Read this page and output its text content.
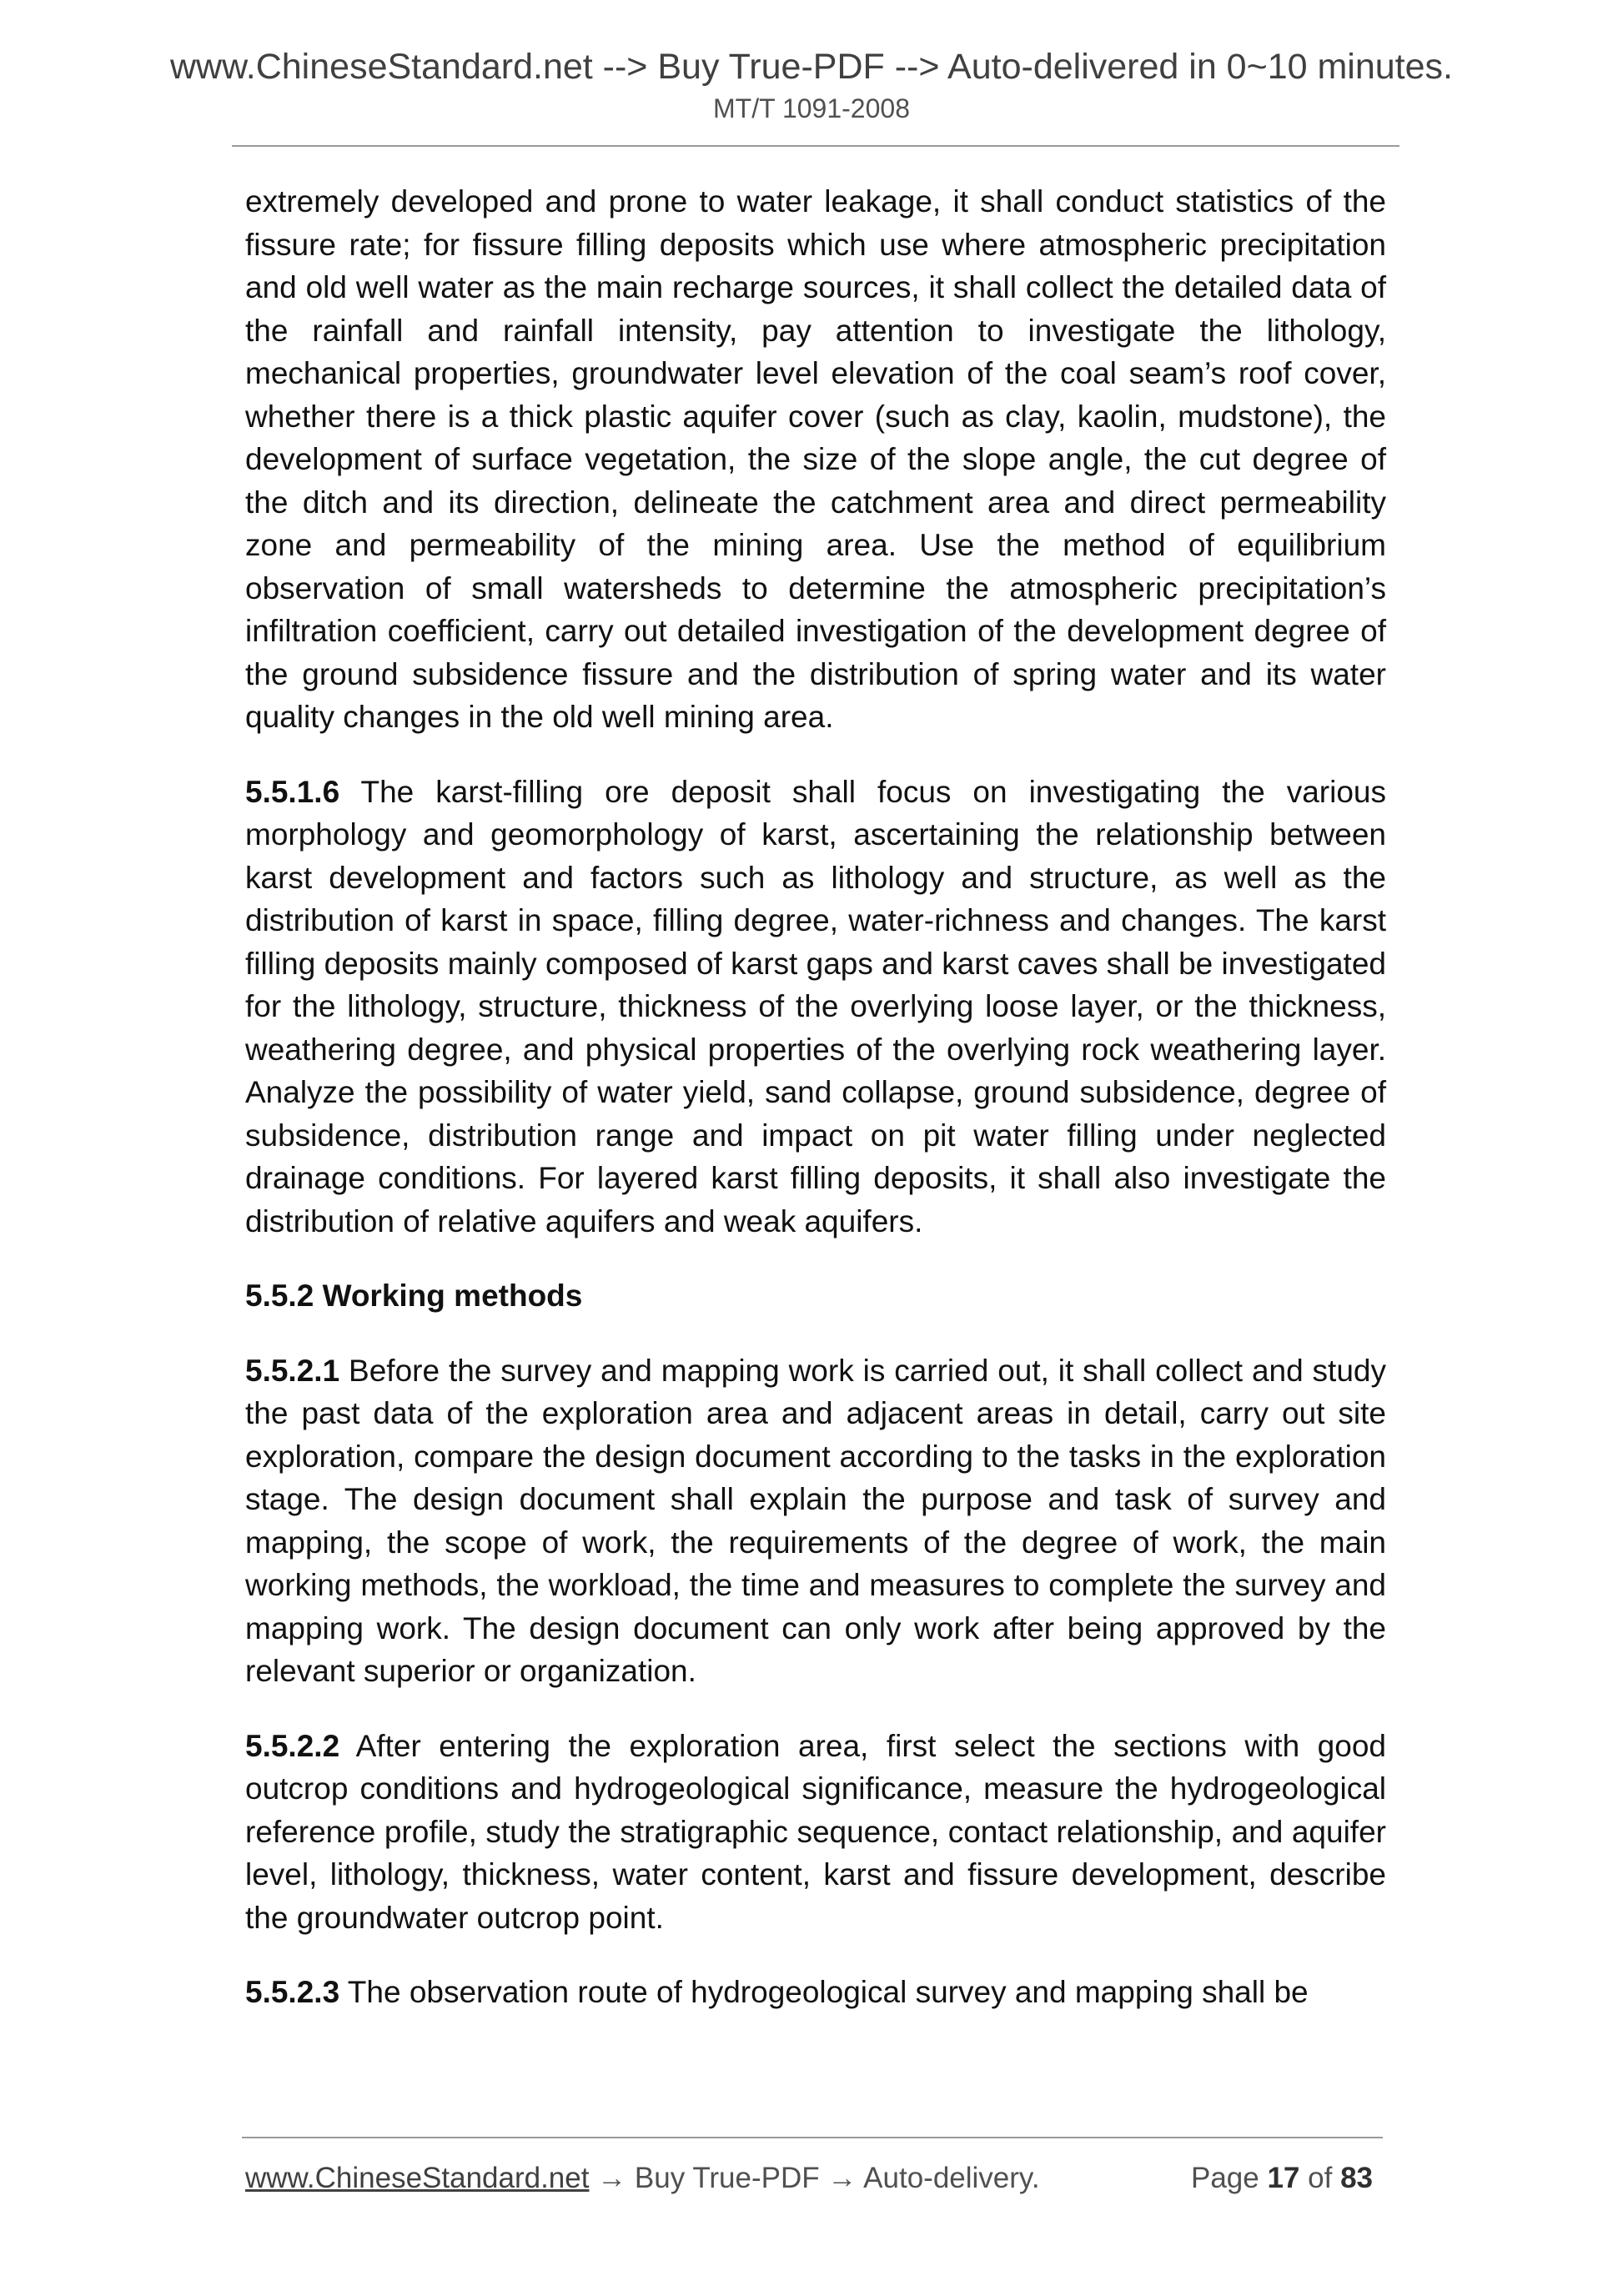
www.ChineseStandard.net --> Buy True-PDF --> Auto-delivered in 0~10 minutes.
MT/T 1091-2008

extremely developed and prone to water leakage, it shall conduct statistics of the fissure rate; for fissure filling deposits which use where atmospheric precipitation and old well water as the main recharge sources, it shall collect the detailed data of the rainfall and rainfall intensity, pay attention to investigate the lithology, mechanical properties, groundwater level elevation of the coal seam’s roof cover, whether there is a thick plastic aquifer cover (such as clay, kaolin, mudstone), the development of surface vegetation, the size of the slope angle, the cut degree of the ditch and its direction, delineate the catchment area and direct permeability zone and permeability of the mining area. Use the method of equilibrium observation of small watersheds to determine the atmospheric precipitation’s infiltration coefficient, carry out detailed investigation of the development degree of the ground subsidence fissure and the distribution of spring water and its water quality changes in the old well mining area.

5.5.1.6 The karst-filling ore deposit shall focus on investigating the various morphology and geomorphology of karst, ascertaining the relationship between karst development and factors such as lithology and structure, as well as the distribution of karst in space, filling degree, water-richness and changes. The karst filling deposits mainly composed of karst gaps and karst caves shall be investigated for the lithology, structure, thickness of the overlying loose layer, or the thickness, weathering degree, and physical properties of the overlying rock weathering layer. Analyze the possibility of water yield, sand collapse, ground subsidence, degree of subsidence, distribution range and impact on pit water filling under neglected drainage conditions. For layered karst filling deposits, it shall also investigate the distribution of relative aquifers and weak aquifers.

5.5.2 Working methods

5.5.2.1 Before the survey and mapping work is carried out, it shall collect and study the past data of the exploration area and adjacent areas in detail, carry out site exploration, compare the design document according to the tasks in the exploration stage. The design document shall explain the purpose and task of survey and mapping, the scope of work, the requirements of the degree of work, the main working methods, the workload, the time and measures to complete the survey and mapping work. The design document can only work after being approved by the relevant superior or organization.

5.5.2.2 After entering the exploration area, first select the sections with good outcrop conditions and hydrogeological significance, measure the hydrogeological reference profile, study the stratigraphic sequence, contact relationship, and aquifer level, lithology, thickness, water content, karst and fissure development, describe the groundwater outcrop point.

5.5.2.3 The observation route of hydrogeological survey and mapping shall be

www.ChineseStandard.net → Buy True-PDF → Auto-delivery.	Page 17 of 83
